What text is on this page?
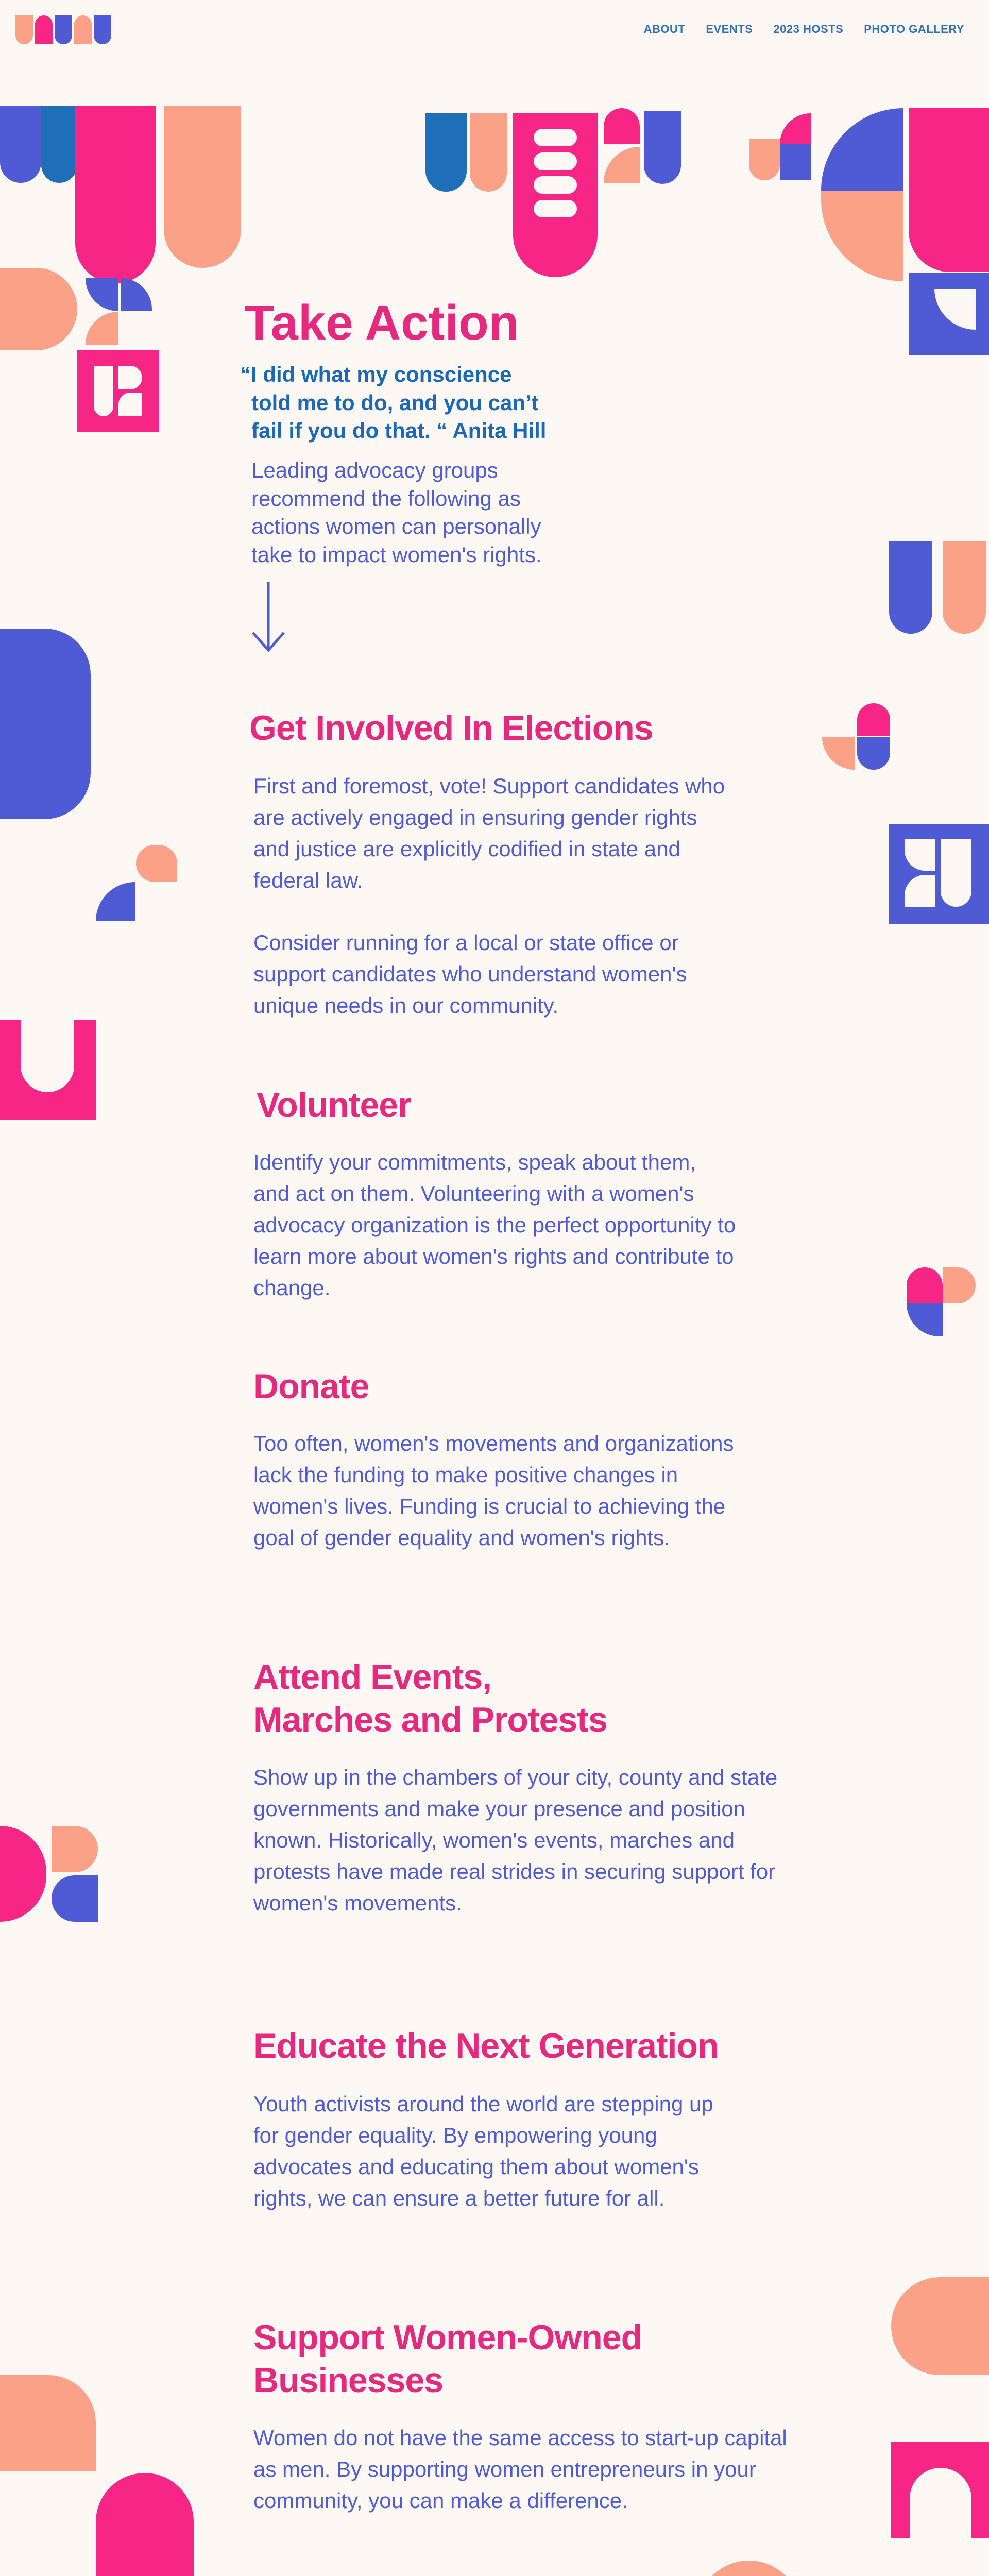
ABOUT EVENTS 2023 HOSTS PHOTO GALLERY
Take Action
“I did what my conscience
told me to do, and you can’t
fail if you do that. “ Anita Hill

Leading advocacy groups recommend the following as actions women can personally take to impact women's rights.

Get Involved In Elections

First and foremost, vote! Support candidates who are actively engaged in ensuring gender rights and justice are explicitly codified in state and federal law.

Consider running for a local or state office or support candidates who understand women's unique needs in our community.

Volunteer

Identify your commitments, speak about them, and act on them. Volunteering with a women's advocacy organization is the perfect opportunity to learn more about women's rights and contribute to change.

Donate

Too often, women's movements and organizations lack the funding to make positive changes in women's lives. Funding is crucial to achieving the goal of gender equality and women's rights.

Attend Events,
Marches and Protests

Show up in the chambers of your city, county and state governments and make your presence and position known. Historically, women's events, marches and protests have made real strides in securing support for women's movements.

Educate the Next Generation

Youth activists around the world are stepping up for gender equality. By empowering young advocates and educating them about women's rights, we can ensure a better future for all.

Support Women-Owned
Businesses

Women do not have the same access to start-up capital as men. By supporting women entrepreneurs in your community, you can make a difference.
